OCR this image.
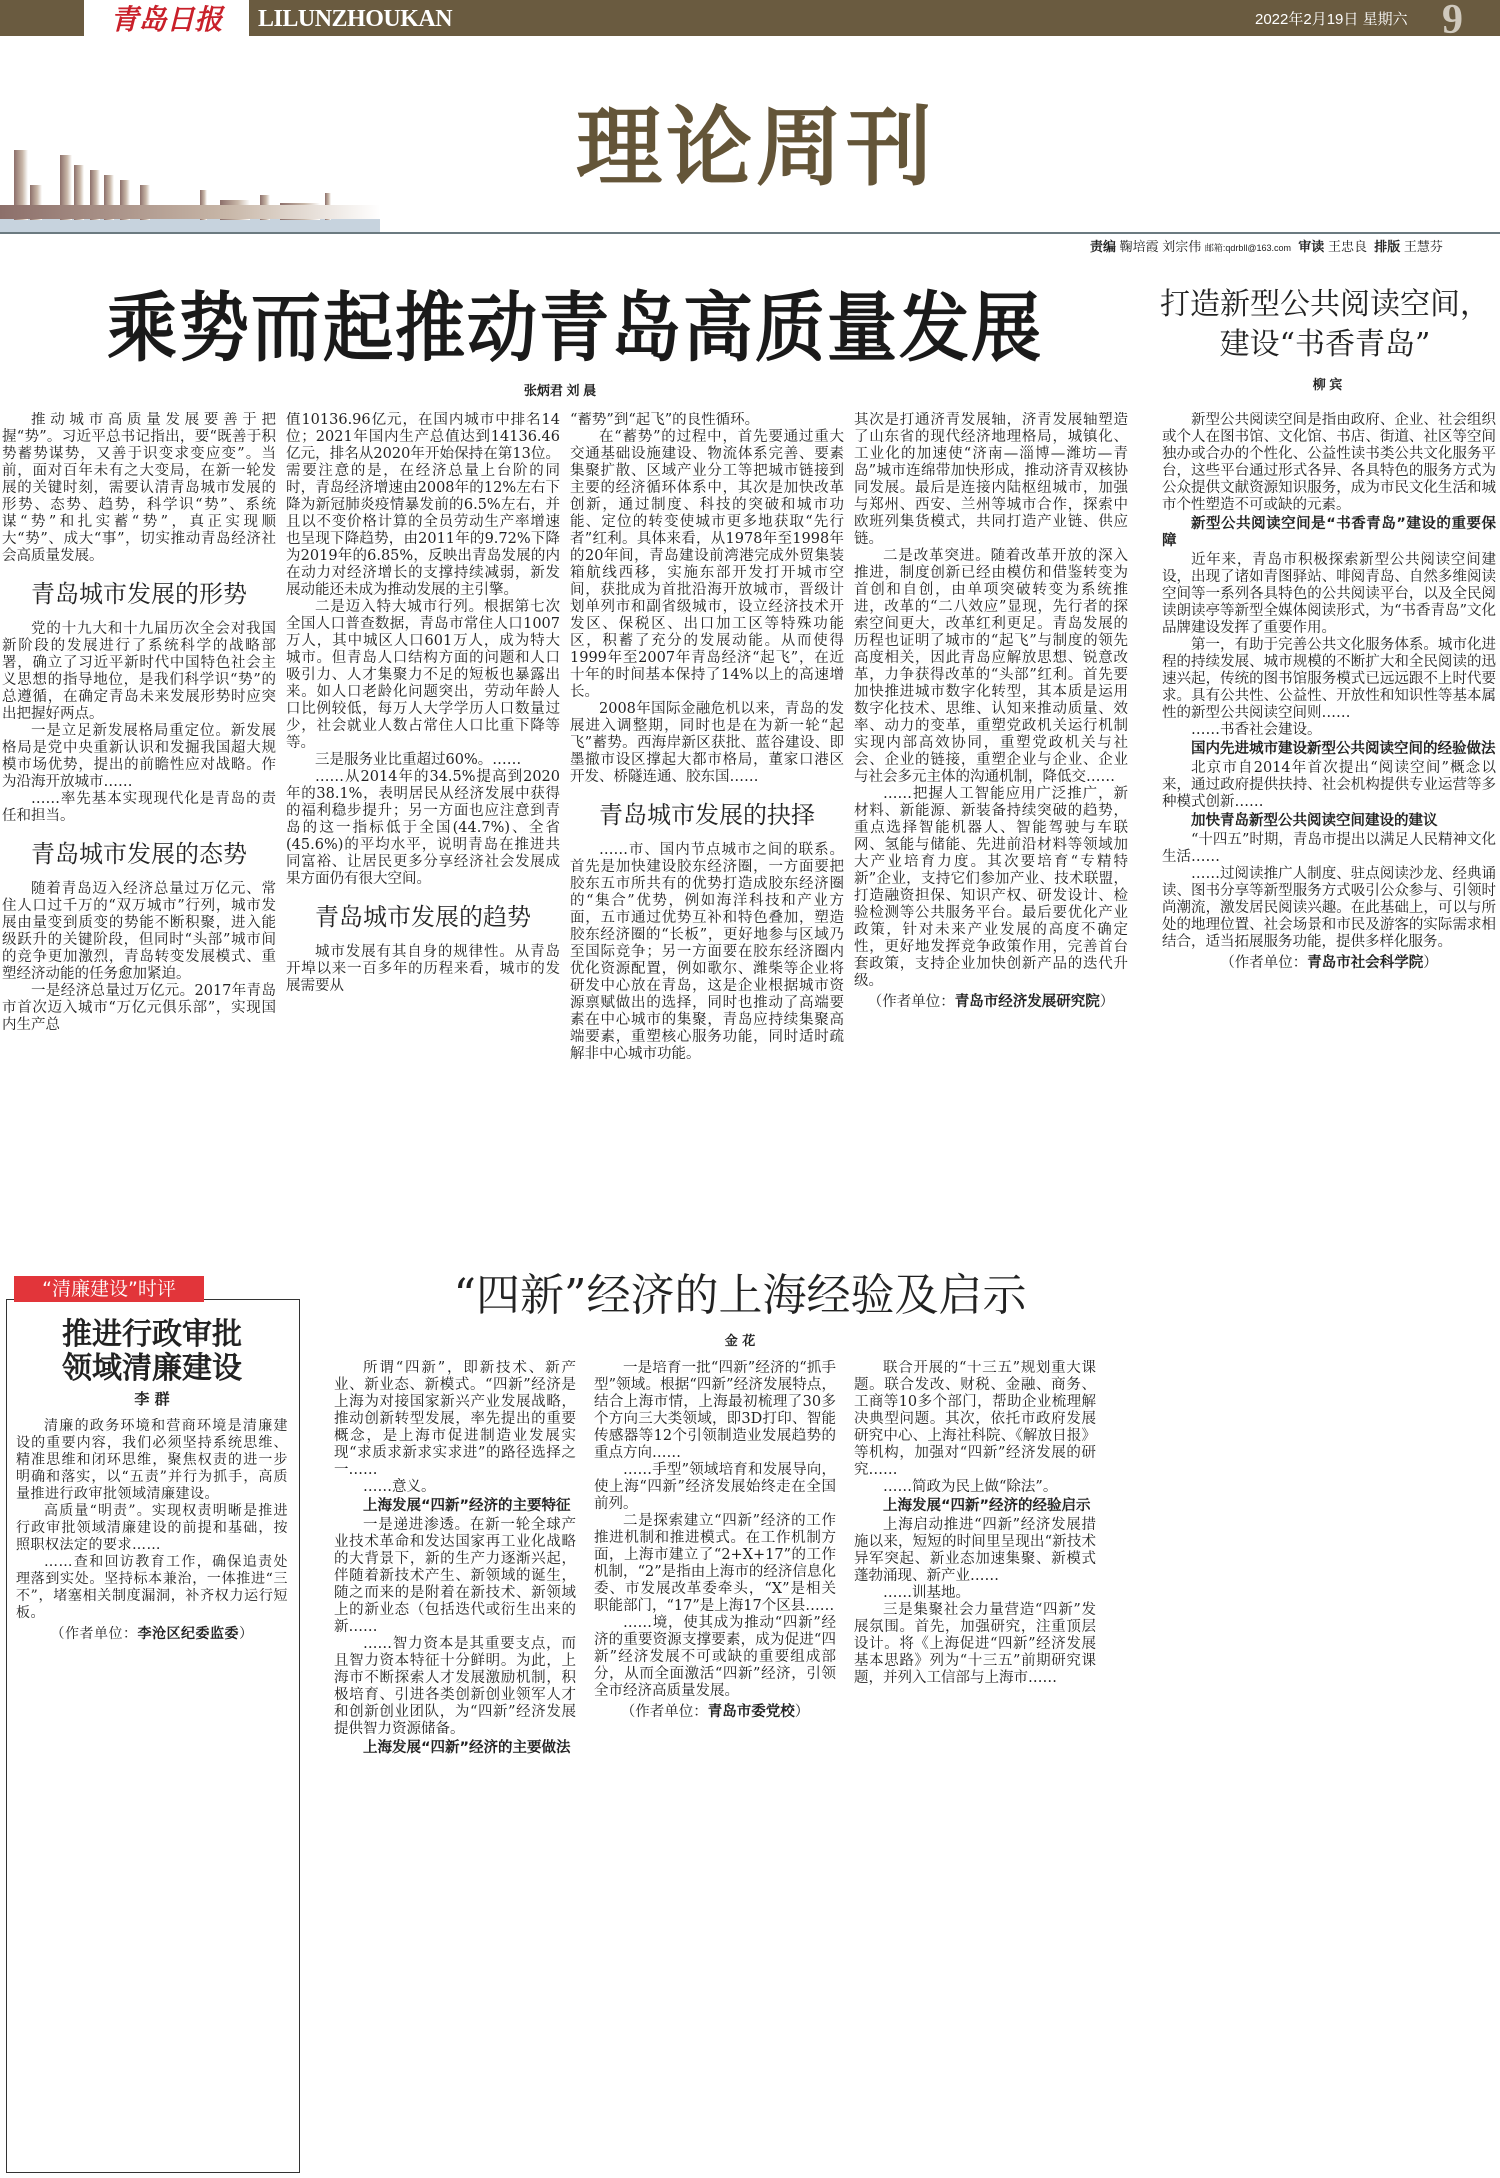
青岛日报	LILUNZHOUKAN	2022年2月19日 星期六 9
理论周刊
责编 鞠培霞 刘宗伟 邮箱:qdrbll@163.com 审读 王忠良 排版 王慧芬
乘势而起推动青岛高质量发展
张炳君 刘 晨
打造新型公共阅读空间，
建设“书香青岛”
柳 宾

推动城市高质量发展要善于把握“势”。习近平总书记指出，要“既善于积势蓄势谋势，又善于识变求变应变”。当前，面对百年未有之大变局，在新一轮发展的关键时刻，需要认清青岛城市发展的形势、态势、趋势，科学识“势”、系统谋“势”和扎实蓄“势”，真正实现顺大“势”、成大“事”，切实推动青岛经济社会高质量发展。

青岛城市发展的形势

党的十九大和十九届历次全会对我国新阶段的发展进行了系统科学的战略部署，确立了习近平新时代中国特色社会主义思想的指导地位，是我们科学识“势”的总遵循，在确定青岛未来发展形势时应突出把握好两点。

一是立足新发展格局重定位。新发展格局是党中央重新认识和发掘我国超大规模市场优势，提出的前瞻性应对战略。作为沿海开放城市……

……率先基本实现现代化是青岛的责任和担当。

青岛城市发展的态势

随着青岛迈入经济总量过万亿元、常住人口过千万的“双万城市”行列，城市发展由量变到质变的势能不断积聚，进入能级跃升的关键阶段，但同时“头部”城市间的竞争更加激烈，青岛转变发展模式、重塑经济动能的任务愈加紧迫。

一是经济总量过万亿元。2017年青岛市首次迈入城市“万亿元俱乐部”，实现国内生产总

值10136.96亿元，在国内城市中排名14位；2021年国内生产总值达到14136.46亿元，排名从2020年开始保持在第13位。需要注意的是，在经济总量上台阶的同时，青岛经济增速由2008年的12%左右下降为新冠肺炎疫情暴发前的6.5%左右，并且以不变价格计算的全员劳动生产率增速也呈现下降趋势，由2011年的9.72%下降为2019年的6.85%，反映出青岛发展的内在动力对经济增长的支撑持续减弱，新发展动能还未成为推动发展的主引擎。

二是迈入特大城市行列。根据第七次全国人口普查数据，青岛市常住人口1007万人，其中城区人口601万人，成为特大城市。但青岛人口结构方面的问题和人口吸引力、人才集聚力不足的短板也暴露出来。如人口老龄化问题突出，劳动年龄人口比例较低，每万人大学学历人口数量过少，社会就业人数占常住人口比重下降等等。

三是服务业比重超过60%。……

……从2014年的34.5%提高到2020年的38.1%，表明居民从经济发展中获得的福利稳步提升；另一方面也应注意到青岛的这一指标低于全国(44.7%)、全省(45.6%)的平均水平，说明青岛在推进共同富裕、让居民更多分享经济社会发展成果方面仍有很大空间。

青岛城市发展的趋势

城市发展有其自身的规律性。从青岛开埠以来一百多年的历程来看，城市的发展需要从

“蓄势”到“起飞”的良性循环。

在“蓄势”的过程中，首先要通过重大交通基础设施建设、物流体系完善、要素集聚扩散、区域产业分工等把城市链接到主要的经济循环体系中，其次是加快改革创新，通过制度、科技的突破和城市功能、定位的转变使城市更多地获取“先行者”红利。具体来看，从1978年至1998年的20年间，青岛建设前湾港完成外贸集装箱航线西移，实施东部开发打开城市空间，获批成为首批沿海开放城市，晋级计划单列市和副省级城市，设立经济技术开发区、保税区、出口加工区等特殊功能区，积蓄了充分的发展动能。从而使得1999年至2007年青岛经济“起飞”，在近十年的时间基本保持了14%以上的高速增长。

2008年国际金融危机以来，青岛的发展进入调整期，同时也是在为新一轮“起飞”蓄势。西海岸新区获批、蓝谷建设、即墨撤市设区撑起大都市格局，董家口港区开发、桥隧连通、胶东国……

青岛城市发展的抉择

……市、国内节点城市之间的联系。首先是加快建设胶东经济圈，一方面要把胶东五市所共有的优势打造成胶东经济圈的“集合”优势，例如海洋科技和产业方面，五市通过优势互补和特色叠加，塑造胶东经济圈的“长板”，更好地参与区域乃至国际竞争；另一方面要在胶东经济圈内优化资源配置，例如歌尔、潍柴等企业将研发中心放在青岛，这是企业根据城市资源禀赋做出的选择，同时也推动了高端要素在中心城市的集聚，青岛应持续集聚高端要素，重塑核心服务功能，同时适时疏解非中心城市功能。

其次是打通济青发展轴，济青发展轴塑造了山东省的现代经济地理格局，城镇化、工业化的加速使“济南—淄博—潍坊—青岛”城市连绵带加快形成，推动济青双核协同发展。最后是连接内陆枢纽城市，加强与郑州、西安、兰州等城市合作，探索中欧班列集货模式，共同打造产业链、供应链。

二是改革突进。随着改革开放的深入推进，制度创新已经由模仿和借鉴转变为首创和自创，由单项突破转变为系统推进，改革的“二八效应”显现，先行者的探索空间更大，改革红利更足。青岛发展的历程也证明了城市的“起飞”与制度的领先高度相关，因此青岛应解放思想、锐意改革，力争获得改革的“头部”红利。首先要加快推进城市数字化转型，其本质是运用数字化技术、思维、认知来推动质量、效率、动力的变革，重塑党政机关运行机制实现内部高效协同，重塑党政机关与社会、企业的链接，重塑企业与企业、企业与社会多元主体的沟通机制，降低交……

……把握人工智能应用广泛推广，新材料、新能源、新装备持续突破的趋势，重点选择智能机器人、智能驾驶与车联网、氢能与储能、先进前沿材料等领域加大产业培育力度。其次要培育“专精特新”企业，支持它们参加产业、技术联盟，打造融资担保、知识产权、研发设计、检验检测等公共服务平台。最后要优化产业政策，针对未来产业发展的高度不确定性，更好地发挥竞争政策作用，完善首台套政策，支持企业加快创新产品的迭代升级。

（作者单位：青岛市经济发展研究院）

新型公共阅读空间是指由政府、企业、社会组织或个人在图书馆、文化馆、书店、街道、社区等空间独办或合办的个性化、公益性读书类公共文化服务平台，这些平台通过形式各异、各具特色的服务方式为公众提供文献资源知识服务，成为市民文化生活和城市个性塑造不可或缺的元素。

新型公共阅读空间是“书香青岛”建设的重要保障

近年来，青岛市积极探索新型公共阅读空间建设，出现了诸如青图驿站、啡阅青岛、自然多维阅读空间等一系列各具特色的公共阅读平台，以及全民阅读朗读亭等新型全媒体阅读形式，为“书香青岛”文化品牌建设发挥了重要作用。

第一，有助于完善公共文化服务体系。城市化进程的持续发展、城市规模的不断扩大和全民阅读的迅速兴起，传统的图书馆服务模式已远远跟不上时代要求。具有公共性、公益性、开放性和知识性等基本属性的新型公共阅读空间则……

……书香社会建设。

国内先进城市建设新型公共阅读空间的经验做法

北京市自2014年首次提出“阅读空间”概念以来，通过政府提供扶持、社会机构提供专业运营等多种模式创新……

加快青岛新型公共阅读空间建设的建议

“十四五”时期，青岛市提出以满足人民精神文化生活……

……过阅读推广人制度、驻点阅读沙龙、经典诵读、图书分享等新型服务方式吸引公众参与、引领时尚潮流，激发居民阅读兴趣。在此基础上，可以与所处的地理位置、社会场景和市民及游客的实际需求相结合，适当拓展服务功能，提供多样化服务。

（作者单位：青岛市社会科学院）

“清廉建设”时评
推进行政审批
领域清廉建设
李 群

清廉的政务环境和营商环境是清廉建设的重要内容，我们必须坚持系统思维、精准思维和闭环思维，聚焦权责的进一步明确和落实，以“五责”并行为抓手，高质量推进行政审批领域清廉建设。

高质量“明责”。实现权责明晰是推进行政审批领域清廉建设的前提和基础，按照职权法定的要求……

……查和回访教育工作，确保追责处理落到实处。坚持标本兼治，一体推进“三不”，堵塞相关制度漏洞，补齐权力运行短板。

（作者单位：李沧区纪委监委）

“四新”经济的上海经验及启示
金 花

所谓“四新”，即新技术、新产业、新业态、新模式。“四新”经济是上海为对接国家新兴产业发展战略，推动创新转型发展，率先提出的重要概念，是上海市促进制造业发展实现“求质求新求实求进”的路径选择之一……

……意义。

上海发展“四新”经济的主要特征

一是递进渗透。在新一轮全球产业技术革命和发达国家再工业化战略的大背景下，新的生产力逐渐兴起，伴随着新技术产生、新领域的诞生，随之而来的是附着在新技术、新领域上的新业态（包括迭代或衍生出来的新……

……智力资本是其重要支点，而且智力资本特征十分鲜明。为此，上海市不断探索人才发展激励机制，积极培育、引进各类创新创业领军人才和创新创业团队，为“四新”经济发展提供智力资源储备。

上海发展“四新”经济的主要做法

一是培育一批“四新”经济的“抓手型”领域。根据“四新”经济发展特点，结合上海市情，上海最初梳理了30多个方向三大类领域，即3D打印、智能传感器等12个引领制造业发展趋势的重点方向……

……手型”领域培育和发展导向，使上海“四新”经济发展始终走在全国前列。

二是探索建立“四新”经济的工作推进机制和推进模式。在工作机制方面，上海市建立了“2+X+17”的工作机制，“2”是指由上海市的经济信息化委、市发展改革委牵头，“X”是相关职能部门，“17”是上海17个区县……

……境，使其成为推动“四新”经济的重要资源支撑要素，成为促进“四新”经济发展不可或缺的重要组成部分，从而全面激活“四新”经济，引领全市经济高质量发展。

（作者单位：青岛市委党校）

联合开展的“十三五”规划重大课题。联合发改、财税、金融、商务、工商等10多个部门，帮助企业梳理解决典型问题。其次，依托市政府发展研究中心、上海社科院、《解放日报》等机构，加强对“四新”经济发展的研究……

……简政为民上做“除法”。

上海发展“四新”经济的经验启示

上海启动推进“四新”经济发展措施以来，短短的时间里呈现出“新技术异军突起、新业态加速集聚、新模式蓬勃涌现、新产业……

……训基地。

三是集聚社会力量营造“四新”发展氛围。首先，加强研究，注重顶层设计。将《上海促进“四新”经济发展基本思路》列为“十三五”前期研究课题，并列入工信部与上海市……
